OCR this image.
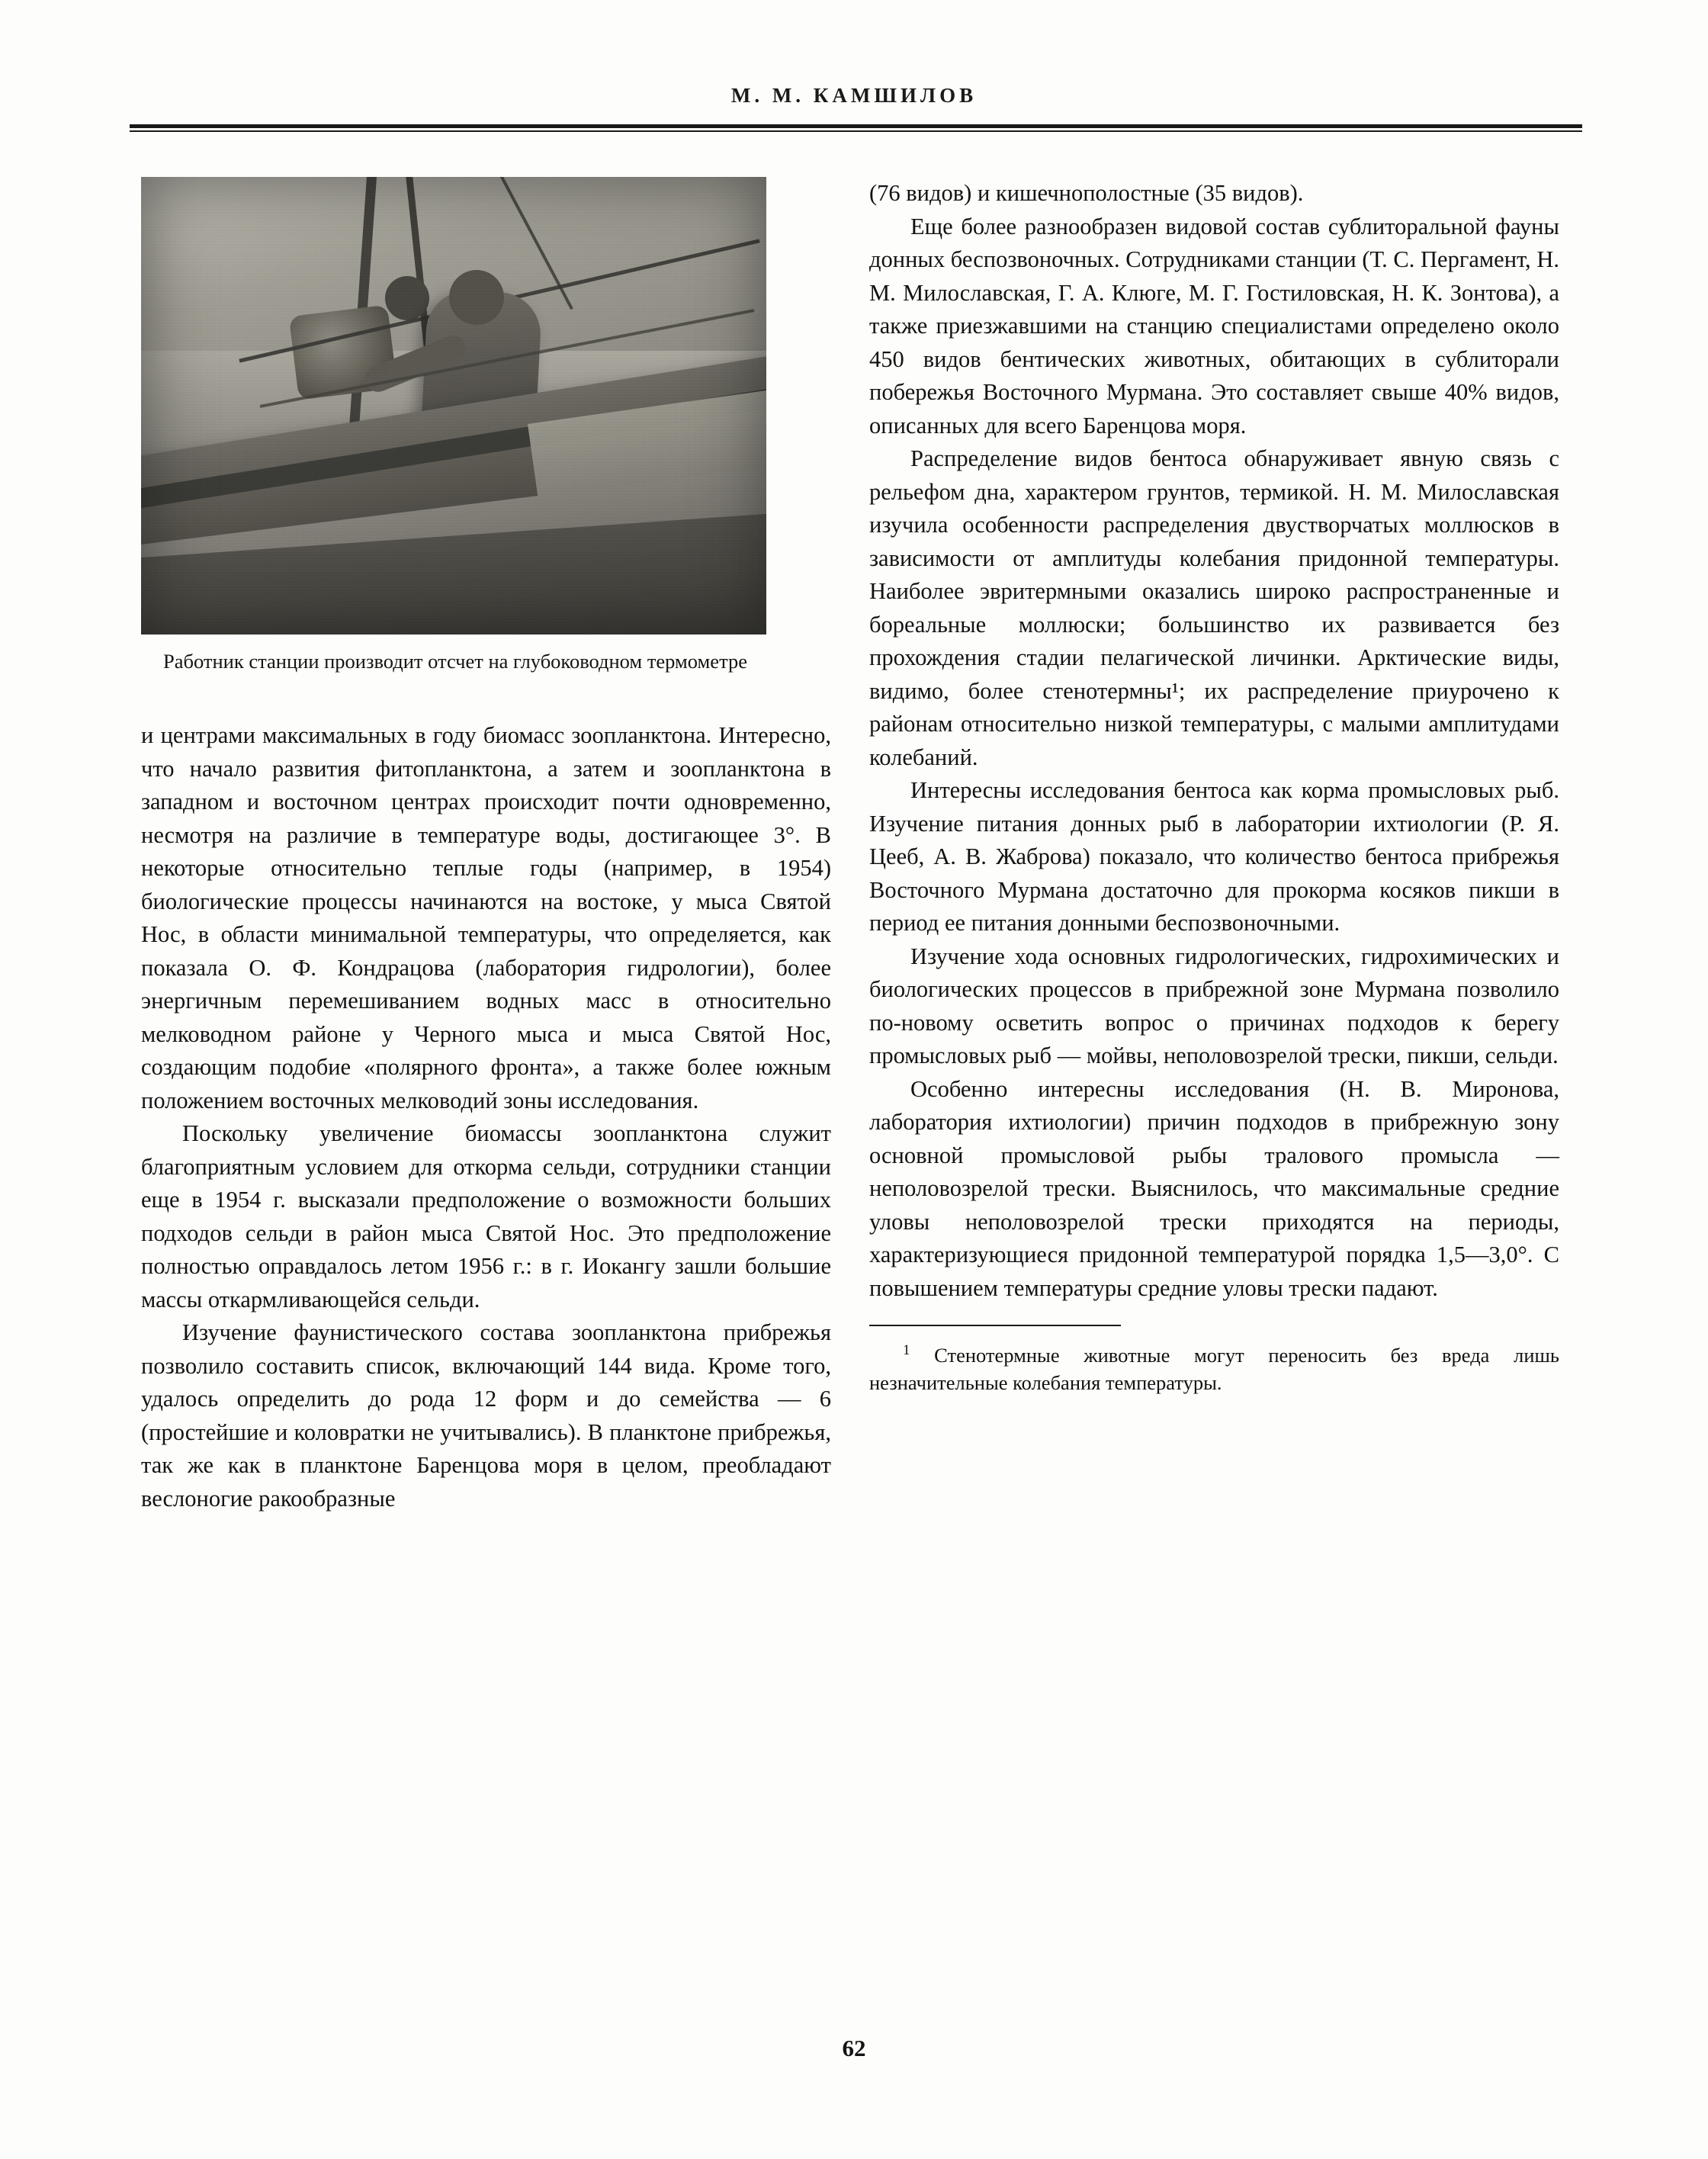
М. М. КАМШИЛОВ
Работник станции производит отсчет на глубоководном термометре

и центрами максимальных в году биомасс зоопланктона. Интересно, что начало развития фитопланктона, а затем и зоопланктона в западном и восточном центрах происходит почти одновременно, несмотря на различие в температуре воды, достигающее 3°. В некоторые относительно теплые годы (например, в 1954) биологические процессы начинаются на востоке, у мыса Святой Нос, в области минимальной температуры, что определяется, как показала О. Ф. Кондрацова (лаборатория гидрологии), более энергичным перемешиванием водных масс в относительно мелководном районе у Черного мыса и мыса Святой Нос, создающим подобие «полярного фронта», а также более южным положением восточных мелководий зоны исследования.

Поскольку увеличение биомассы зоопланктона служит благоприятным условием для откорма сельди, сотрудники станции еще в 1954 г. высказали предположение о возможности больших подходов сельди в район мыса Святой Нос. Это предположение полностью оправдалось летом 1956 г.: в г. Иокангу зашли большие массы откармливающейся сельди.

Изучение фаунистического состава зоопланктона прибрежья позволило составить список, включающий 144 вида. Кроме того, удалось определить до рода 12 форм и до семейства — 6 (простейшие и коловратки не учитывались). В планктоне прибрежья, так же как в планктоне Баренцова моря в целом, преобладают веслоногие ракообразные

(76 видов) и кишечнополостные (35 видов).

Еще более разнообразен видовой состав сублиторальной фауны донных беспозвоночных. Сотрудниками станции (Т. С. Пергамент, Н. М. Милославская, Г. А. Клюге, М. Г. Гостиловская, Н. К. Зонтова), а также приезжавшими на станцию специалистами определено около 450 видов бентических животных, обитающих в сублиторали побережья Восточного Мурмана. Это составляет свыше 40% видов, описанных для всего Баренцова моря.

Распределение видов бентоса обнаруживает явную связь с рельефом дна, характером грунтов, термикой. Н. М. Милославская изучила особенности распределения двустворчатых моллюсков в зависимости от амплитуды колебания придонной температуры. Наиболее эвритермными оказались широко распространенные и бореальные моллюски; большинство их развивается без прохождения стадии пелагической личинки. Арктические виды, видимо, более стенотермны¹; их распределение приурочено к районам относительно низкой температуры, с малыми амплитудами колебаний.

Интересны исследования бентоса как корма промысловых рыб. Изучение питания донных рыб в лаборатории ихтиологии (Р. Я. Цееб, А. В. Жаброва) показало, что количество бентоса прибрежья Восточного Мурмана достаточно для прокорма косяков пикши в период ее питания донными беспозвоночными.

Изучение хода основных гидрологических, гидрохимических и биологических процессов в прибрежной зоне Мурмана позволило по-новому осветить вопрос о причинах подходов к берегу промысловых рыб — мойвы, неполовозрелой трески, пикши, сельди.

Особенно интересны исследования (Н. В. Миронова, лаборатория ихтиологии) причин подходов в прибрежную зону основной промысловой рыбы тралового промысла — неполовозрелой трески. Выяснилось, что максимальные средние уловы неполовозрелой трески приходятся на периоды, характеризующиеся придонной температурой порядка 1,5—3,0°. С повышением температуры средние уловы трески падают.

$^1$ Стенотермные животные могут переносить без вреда лишь незначительные колебания температуры.
62
